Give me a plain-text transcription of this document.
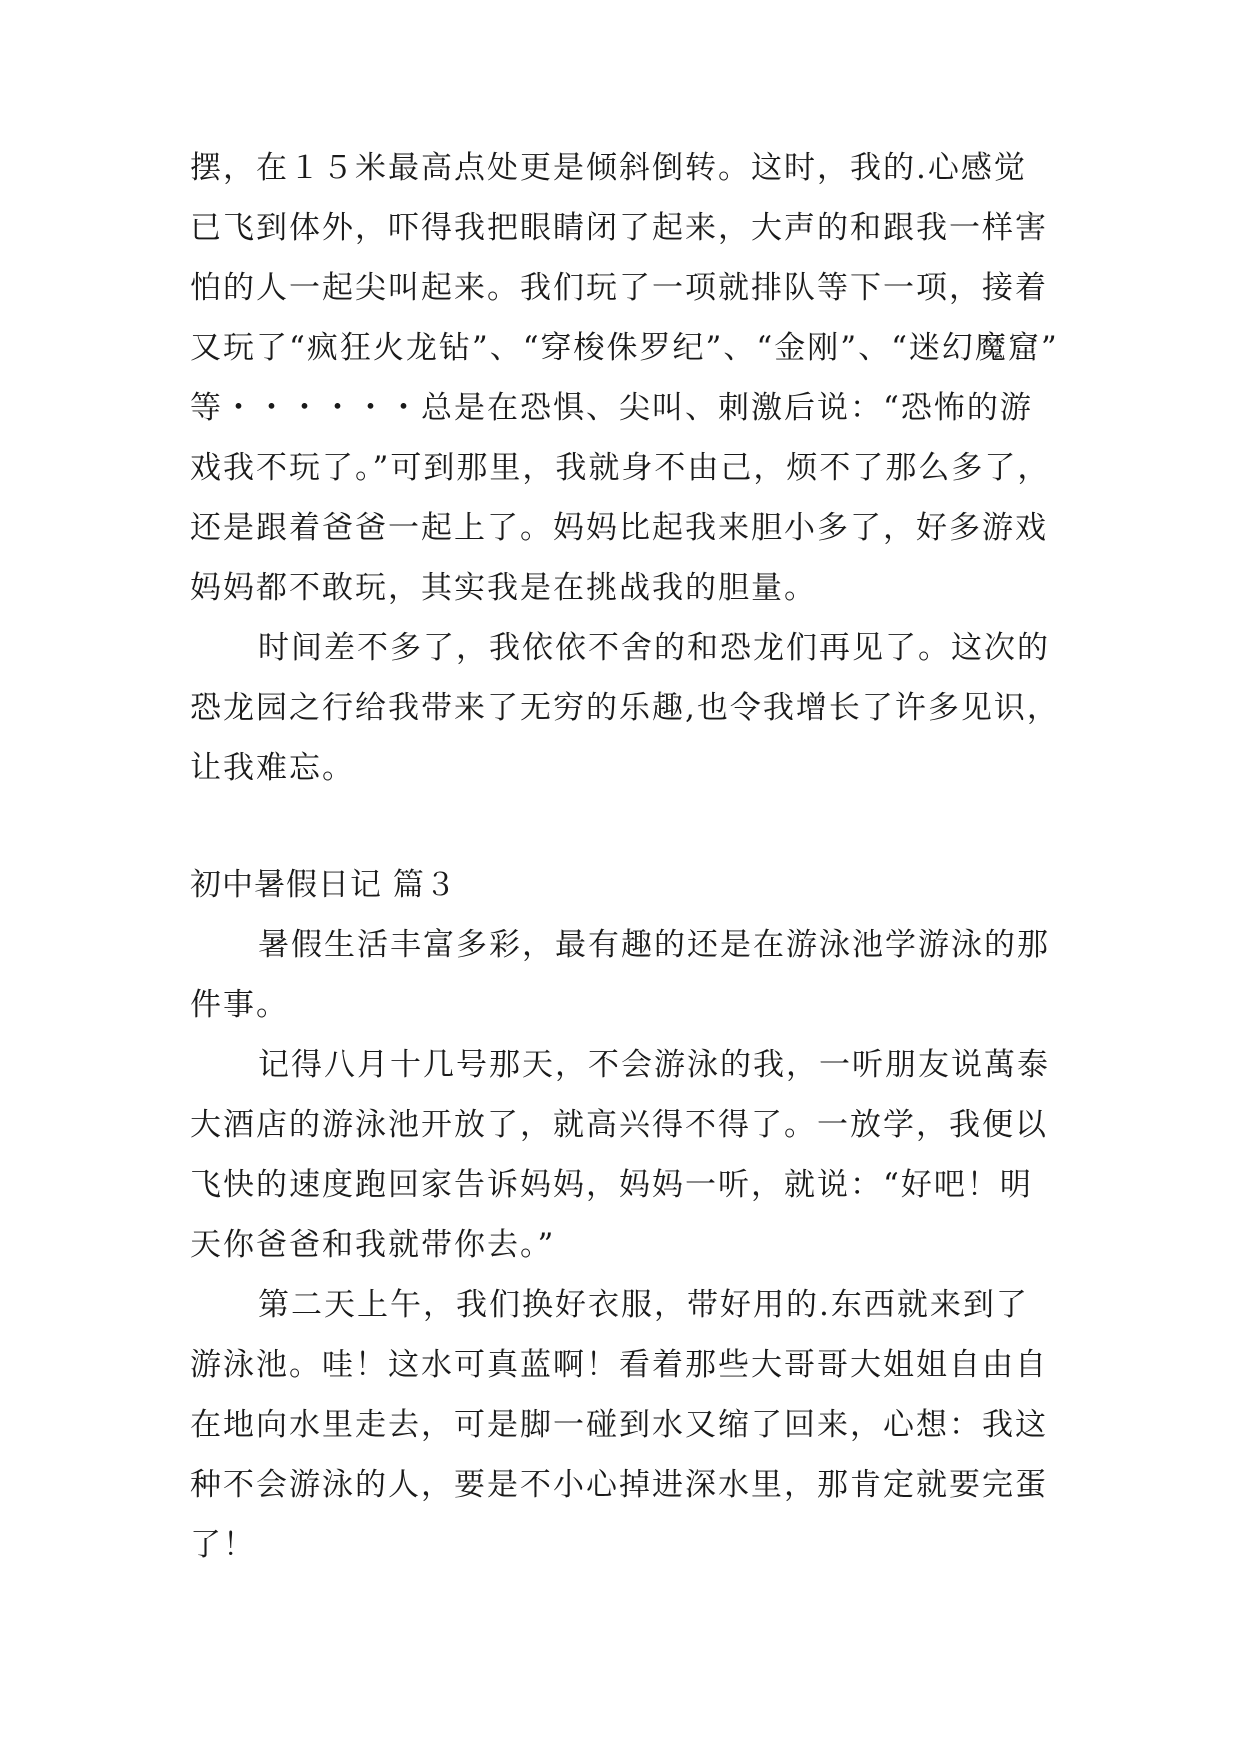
摆，在１５米最高点处更是倾斜倒转。这时，我的.心感觉
已飞到体外，吓得我把眼睛闭了起来，大声的和跟我一样害
怕的人一起尖叫起来。我们玩了一项就排队等下一项，接着
又玩了“疯狂火龙钻”、“穿梭侏罗纪”、“金刚”、“迷幻魔窟”
等・・・・・・总是在恐惧、尖叫、刺激后说：“恐怖的游
戏我不玩了。”可到那里，我就身不由己，烦不了那么多了，
还是跟着爸爸一起上了。妈妈比起我来胆小多了，好多游戏
妈妈都不敢玩，其实我是在挑战我的胆量。
时间差不多了，我依依不舍的和恐龙们再见了。这次的
恐龙园之行给我带来了无穷的乐趣,也令我增长了许多见识，
让我难忘。
初中暑假日记 篇３
暑假生活丰富多彩，最有趣的还是在游泳池学游泳的那
件事。
记得八月十几号那天，不会游泳的我，一听朋友说萬泰
大酒店的游泳池开放了，就高兴得不得了。一放学，我便以
飞快的速度跑回家告诉妈妈，妈妈一听，就说：“好吧！明
天你爸爸和我就带你去。”
第二天上午，我们换好衣服，带好用的.东西就来到了
游泳池。哇！这水可真蓝啊！看着那些大哥哥大姐姐自由自
在地向水里走去，可是脚一碰到水又缩了回来，心想：我这
种不会游泳的人，要是不小心掉进深水里，那肯定就要完蛋
了！
